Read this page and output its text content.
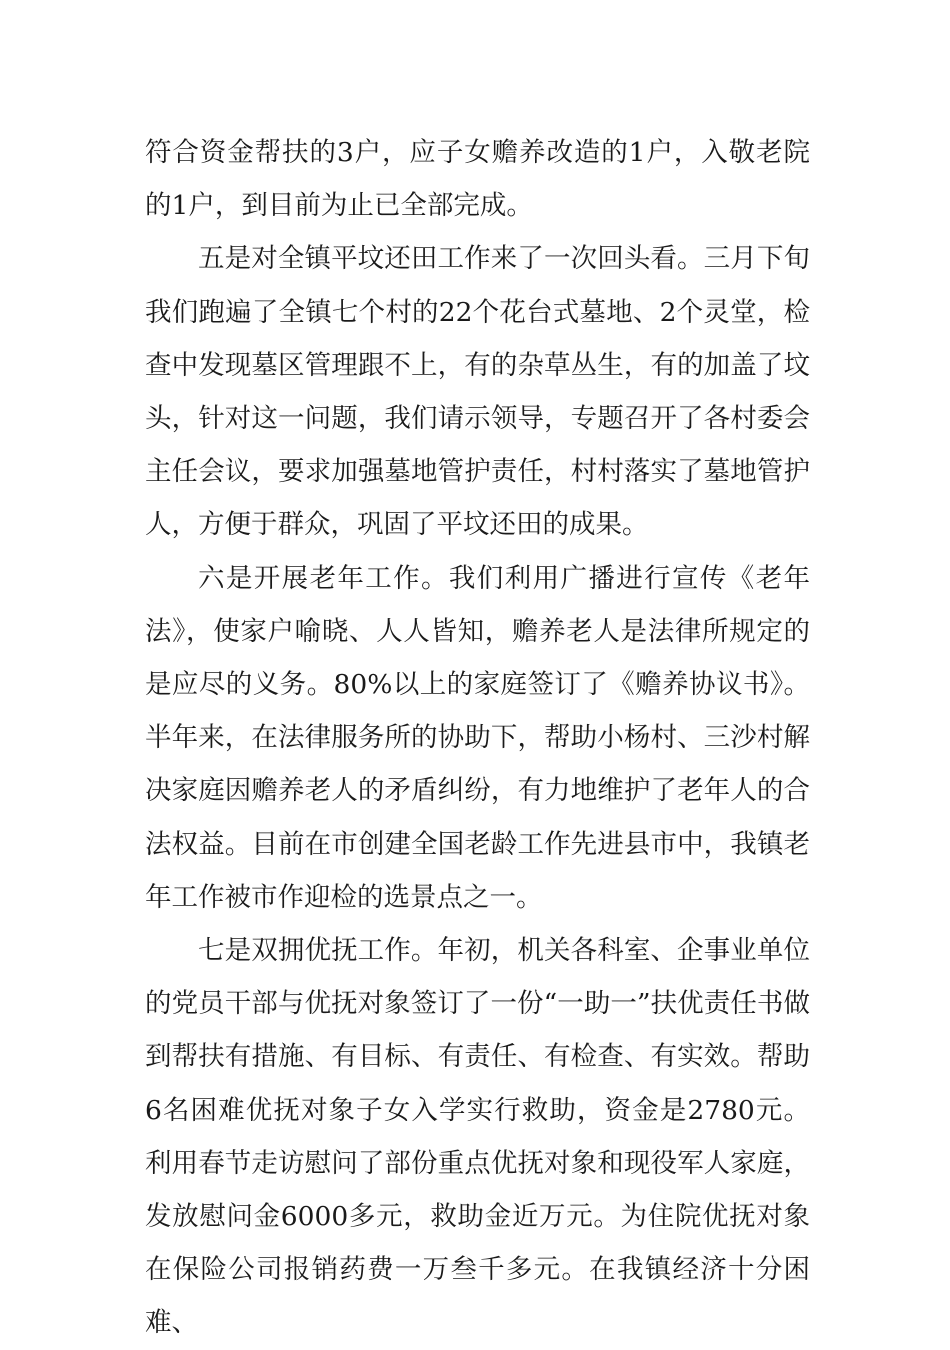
符合资金帮扶的3户，应子女赡养改造的1户，入敬老院的1户，到目前为止已全部完成。

五是对全镇平坟还田工作来了一次回头看。三月下旬我们跑遍了全镇七个村的22个花台式墓地、2个灵堂，检查中发现墓区管理跟不上，有的杂草丛生，有的加盖了坟头，针对这一问题，我们请示领导，专题召开了各村委会主任会议，要求加强墓地管护责任，村村落实了墓地管护人，方便于群众，巩固了平坟还田的成果。

六是开展老年工作。我们利用广播进行宣传《老年法》，使家户喻晓、人人皆知，赡养老人是法律所规定的是应尽的义务。80%以上的家庭签订了《赡养协议书》。半年来，在法律服务所的协助下，帮助小杨村、三沙村解决家庭因赡养老人的矛盾纠纷，有力地维护了老年人的合法权益。目前在市创建全国老龄工作先进县市中，我镇老年工作被市作迎检的选景点之一。

七是双拥优抚工作。年初，机关各科室、企事业单位的党员干部与优抚对象签订了一份“一助一”扶优责任书做到帮扶有措施、有目标、有责任、有检查、有实效。帮助6名困难优抚对象子女入学实行救助，资金是2780元。利用春节走访慰问了部份重点优抚对象和现役军人家庭，发放慰问金6000多元，救助金近万元。为住院优抚对象在保险公司报销药费一万叁千多元。在我镇经济十分困难、
